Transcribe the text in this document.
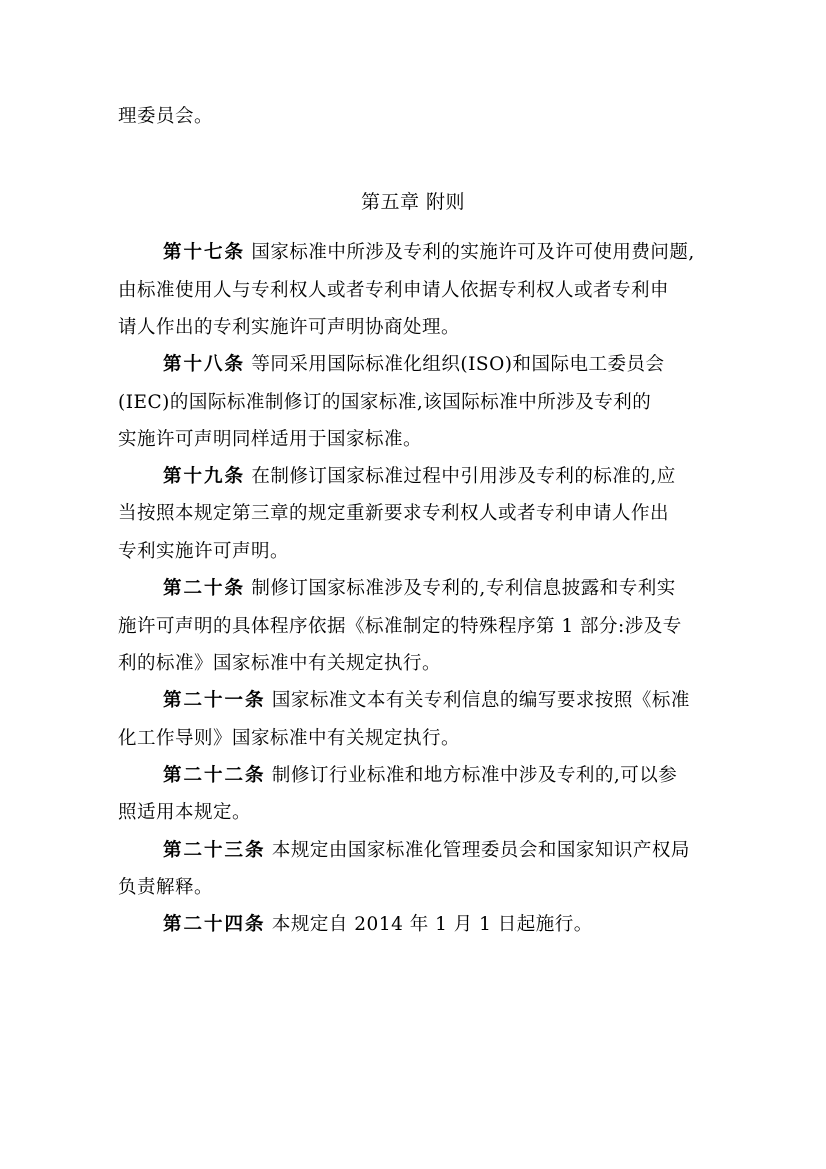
理委员会。
第五章 附则
第十七条 国家标准中所涉及专利的实施许可及许可使用费问题,
由标准使用人与专利权人或者专利申请人依据专利权人或者专利申
请人作出的专利实施许可声明协商处理。
第十八条 等同采用国际标准化组织(ISO)和国际电工委员会
(IEC)的国际标准制修订的国家标准,该国际标准中所涉及专利的
实施许可声明同样适用于国家标准。
第十九条 在制修订国家标准过程中引用涉及专利的标准的,应
当按照本规定第三章的规定重新要求专利权人或者专利申请人作出
专利实施许可声明。
第二十条 制修订国家标准涉及专利的,专利信息披露和专利实
施许可声明的具体程序依据《标准制定的特殊程序第 1 部分:涉及专
利的标准》国家标准中有关规定执行。
第二十一条 国家标准文本有关专利信息的编写要求按照《标准
化工作导则》国家标准中有关规定执行。
第二十二条 制修订行业标准和地方标准中涉及专利的,可以参
照适用本规定。
第二十三条 本规定由国家标准化管理委员会和国家知识产权局
负责解释。
第二十四条 本规定自 2014 年 1 月 1 日起施行。
